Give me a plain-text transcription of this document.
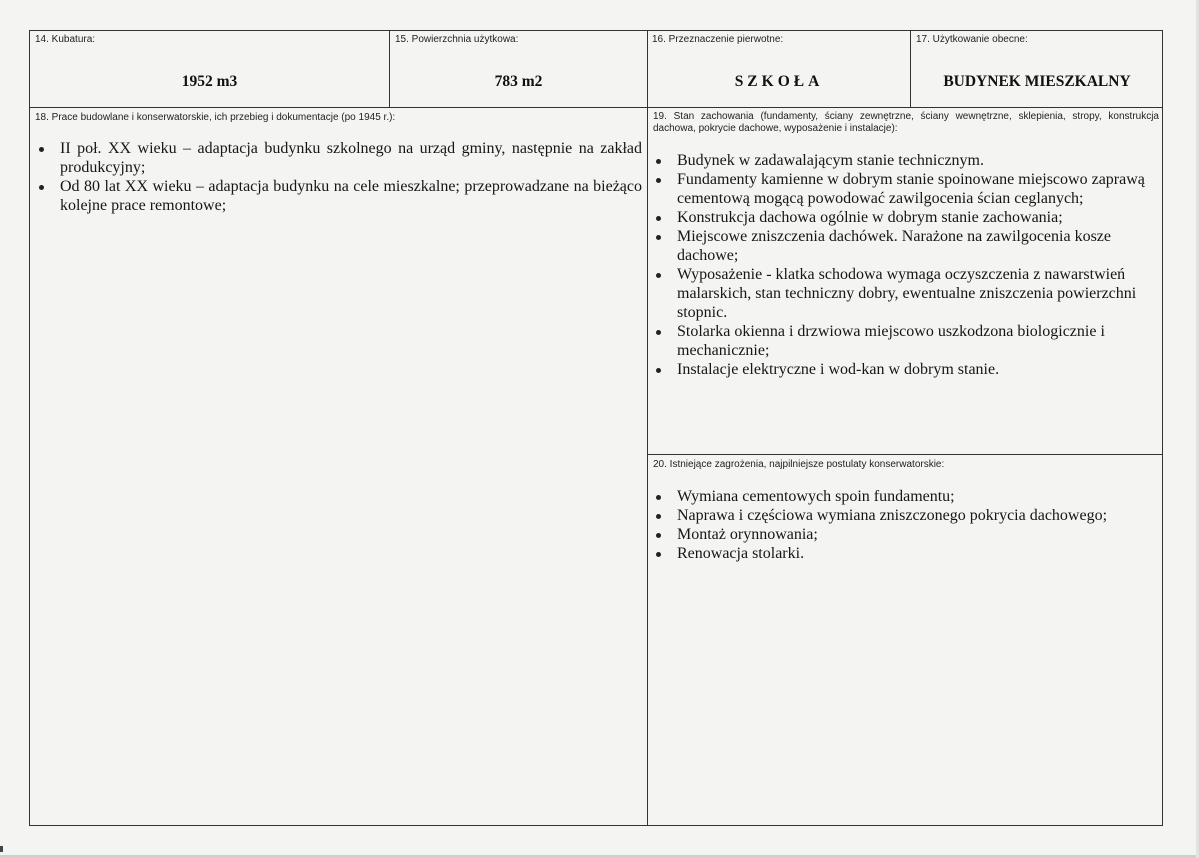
14. Kubatura:
1952 m3
15. Powierzchnia użytkowa:
783 m2
16. Przeznaczenie pierwotne:
SZKOŁA
17. Użytkowanie obecne:
BUDYNEK MIESZKALNY
18. Prace budowlane i konserwatorskie, ich przebieg i dokumentacje (po 1945 r.):
II poł. XX wieku – adaptacja budynku szkolnego na urząd gminy, następnie na zakład produkcyjny;
Od 80 lat XX wieku – adaptacja budynku na cele mieszkalne; przeprowadzane na bieżąco kolejne prace remontowe;
19. Stan zachowania (fundamenty, ściany zewnętrzne, ściany wewnętrzne, sklepienia, stropy, konstrukcja dachowa, pokrycie dachowe, wyposażenie i instalacje):
Budynek w zadawalającym stanie technicznym.
Fundamenty kamienne w dobrym stanie spoinowane miejscowo zaprawą cementową mogącą powodować zawilgocenia ścian ceglanych;
Konstrukcja dachowa ogólnie w dobrym stanie zachowania;
Miejscowe zniszczenia dachówek. Narażone na zawilgocenia kosze dachowe;
Wyposażenie - klatka schodowa wymaga oczyszczenia z nawarstwień malarskich, stan techniczny dobry, ewentualne zniszczenia powierzchni stopnic.
Stolarka okienna i drzwiowa miejscowo uszkodzona biologicznie i mechanicznie;
Instalacje elektryczne i wod-kan w dobrym stanie.
20. Istniejące zagrożenia, najpilniejsze postulaty konserwatorskie:
Wymiana cementowych spoin fundamentu;
Naprawa i częściowa wymiana zniszczonego pokrycia dachowego;
Montaż orynnowania;
Renowacja stolarki.
